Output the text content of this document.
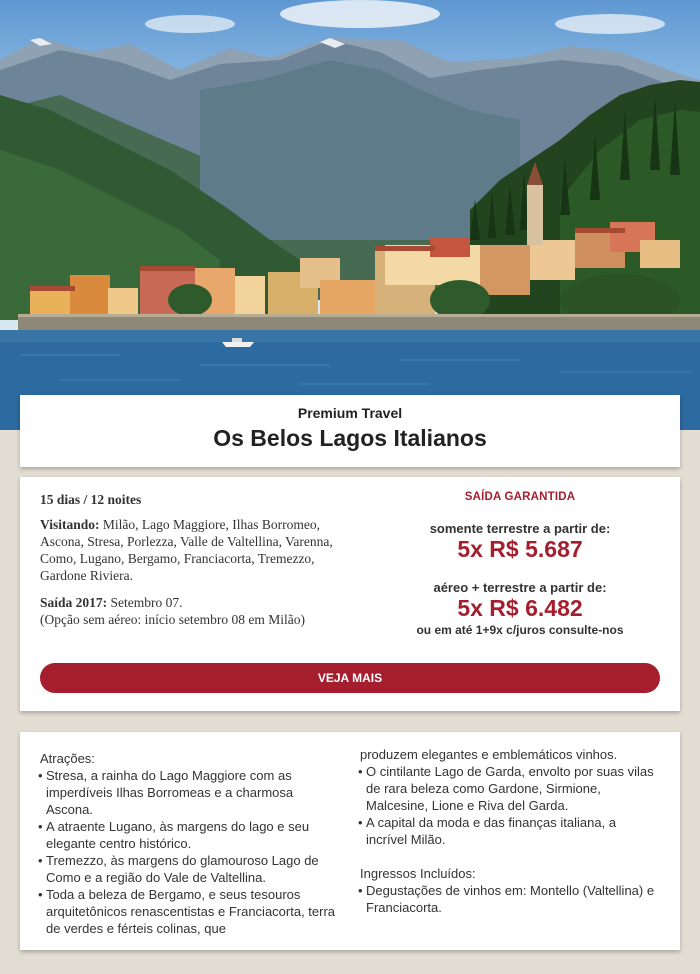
Premium Travel
Os Belos Lagos Italianos
15 dias / 12 noites
Visitando: Milão, Lago Maggiore, Ilhas Borromeo, Ascona, Stresa, Porlezza, Valle de Valtellina, Varenna, Como, Lugano, Bergamo, Franciacorta, Tremezzo, Gardone Riviera.
Saída 2017: Setembro 07.
(Opção sem aéreo: início setembro 08 em Milão)
SAÍDA GARANTIDA
somente terrestre a partir de:
5x R$ 5.687
aéreo + terrestre a partir de:
5x R$ 6.482
ou em até 1+9x c/juros consulte-nos
VEJA MAIS
Atrações:
• Stresa, a rainha do Lago Maggiore com as imperdíveis Ilhas Borromeas e a charmosa Ascona.
• A atraente Lugano, às margens do lago e seu elegante centro histórico.
• Tremezzo, às margens do glamouroso Lago de Como e a região do Vale de Valtellina.
• Toda a beleza de Bergamo, e seus tesouros arquitetônicos renascentistas e Franciacorta, terra de verdes e férteis colinas, que
produzem elegantes e emblemáticos vinhos.
• O cintilante Lago de Garda, envolto por suas vilas de rara beleza como Gardone, Sirmione, Malcesine, Lione e Riva del Garda.
• A capital da moda e das finanças italiana, a incrível Milão.
Ingressos Incluídos:
• Degustações de vinhos em: Montello (Valtellina) e Franciacorta.
